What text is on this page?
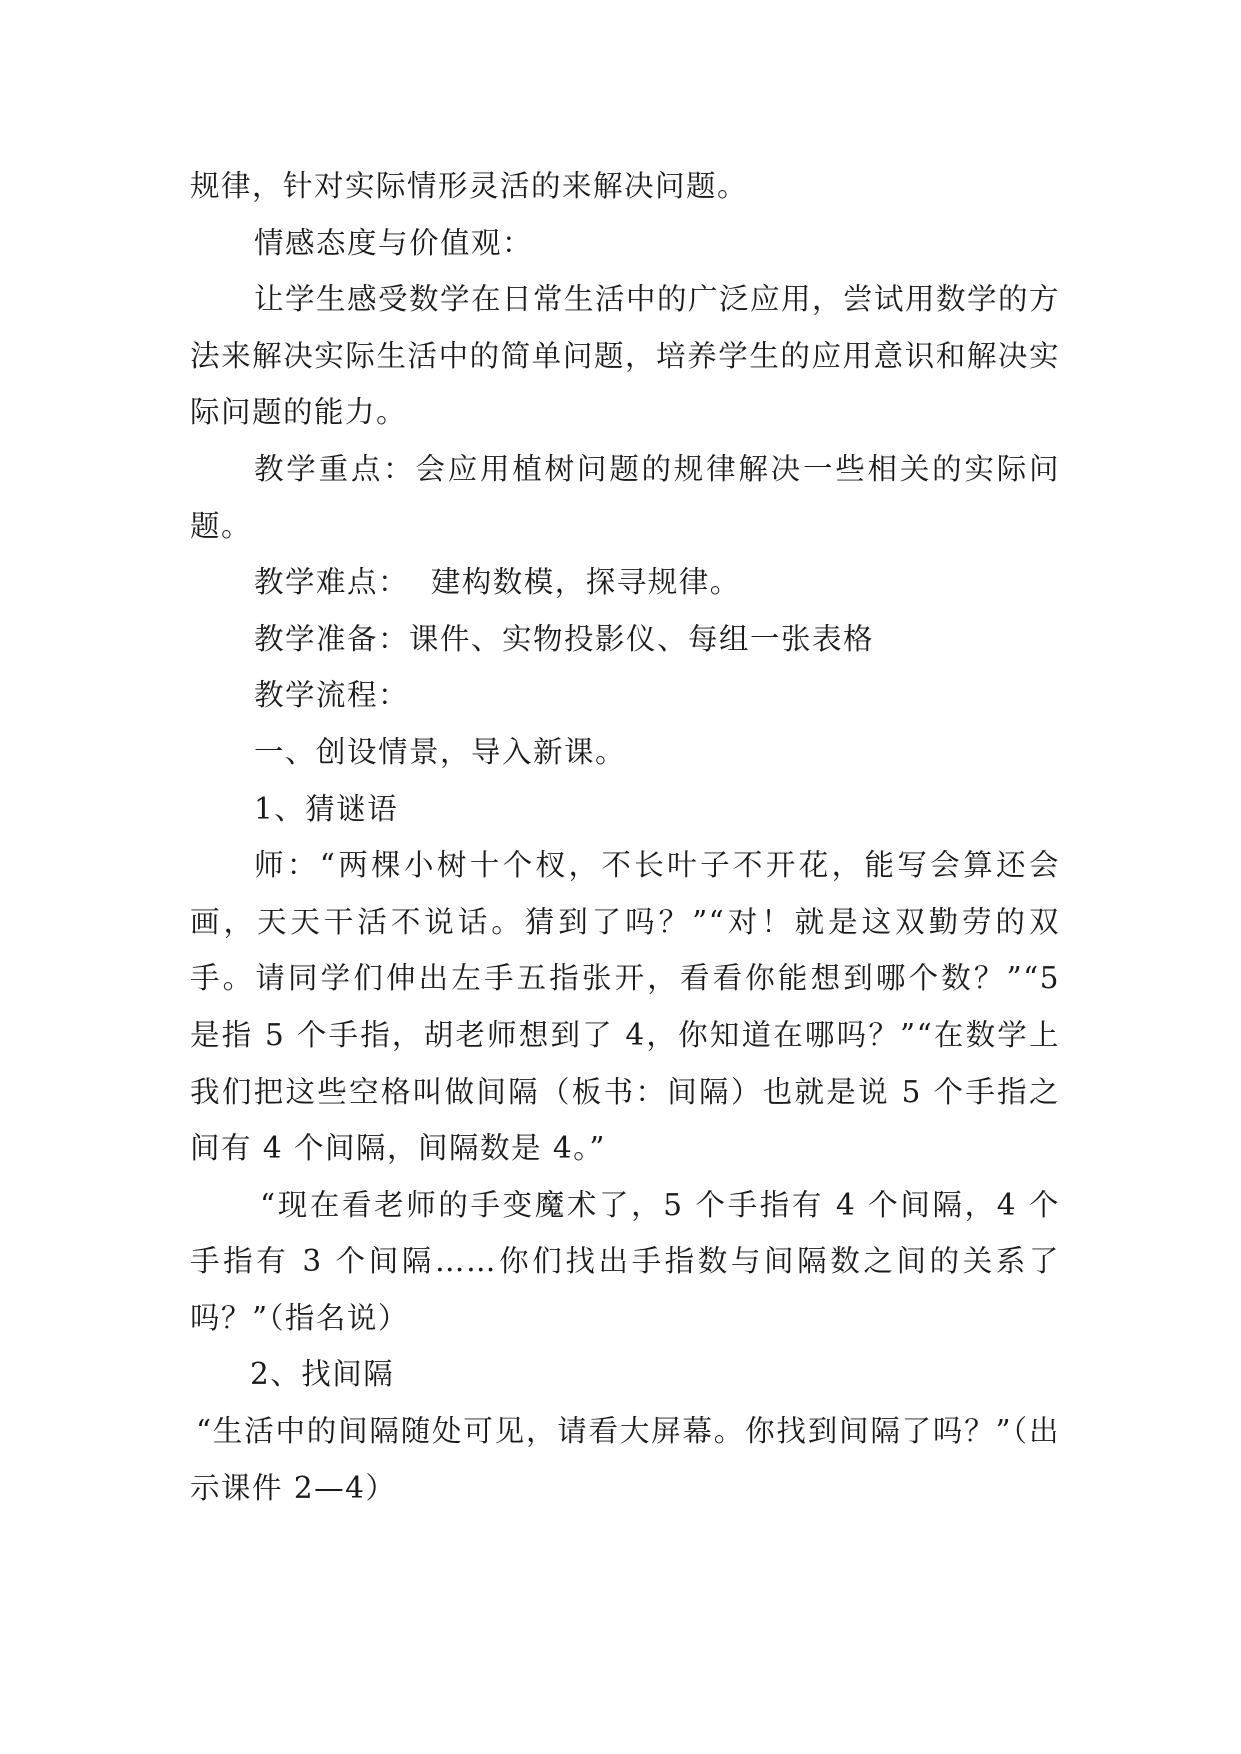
规律，针对实际情形灵活的来解决问题。

情感态度与价值观：

让学生感受数学在日常生活中的广泛应用，尝试用数学的方法来解决实际生活中的简单问题，培养学生的应用意识和解决实际问题的能力。

教学重点：会应用植树问题的规律解决一些相关的实际问题。

教学难点：  建构数模，探寻规律。

教学准备：课件、实物投影仪、每组一张表格

教学流程：

一、创设情景，导入新课。

1、猜谜语

师：“两棵小树十个杈，不长叶子不开花，能写会算还会画，天天干活不说话。猜到了吗？”“对！就是这双勤劳的双手。请同学们伸出左手五指张开，看看你能想到哪个数？”“5 是指 5 个手指，胡老师想到了 4，你知道在哪吗？”“在数学上我们把这些空格叫做间隔（板书：间隔）也就是说 5 个手指之间有 4 个间隔，间隔数是 4。”

“现在看老师的手变魔术了，5 个手指有 4 个间隔，4 个手指有 3 个间隔……你们找出手指数与间隔数之间的关系了吗？”（指名说）

2、找间隔

“生活中的间隔随处可见，请看大屏幕。你找到间隔了吗？”（出示课件 2—4）
